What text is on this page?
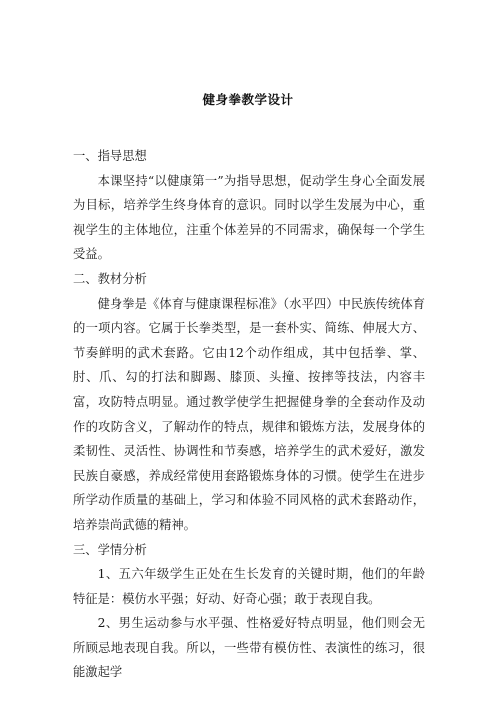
健身拳教学设计

一、指导思想

本课坚持“以健康第一”为指导思想，促动学生身心全面发展为目标，培养学生终身体育的意识。同时以学生发展为中心，重视学生的主体地位，注重个体差异的不同需求，确保每一个学生受益。

二、教材分析

健身拳是《体育与健康课程标准》（水平四）中民族传统体育的一项内容。它属于长拳类型，是一套朴实、简练、伸展大方、节奏鲜明的武术套路。它由12个动作组成，其中包括拳、掌、肘、爪、勾的打法和脚踢、膝顶、头撞、按摔等技法，内容丰富，攻防特点明显。通过教学使学生把握健身拳的全套动作及动作的攻防含义，了解动作的特点，规律和锻炼方法，发展身体的柔韧性、灵活性、协调性和节奏感，培养学生的武术爱好，激发民族自豪感，养成经常使用套路锻炼身体的习惯。使学生在进步所学动作质量的基础上，学习和体验不同风格的武术套路动作，培养崇尚武德的精神。

三、学情分析

1、五六年级学生正处在生长发育的关键时期，他们的年龄特征是：模仿水平强；好动、好奇心强；敢于表现自我。

2、男生运动参与水平强、性格爱好特点明显，他们则会无所顾忌地表现自我。所以，一些带有模仿性、表演性的练习，很能激起学
